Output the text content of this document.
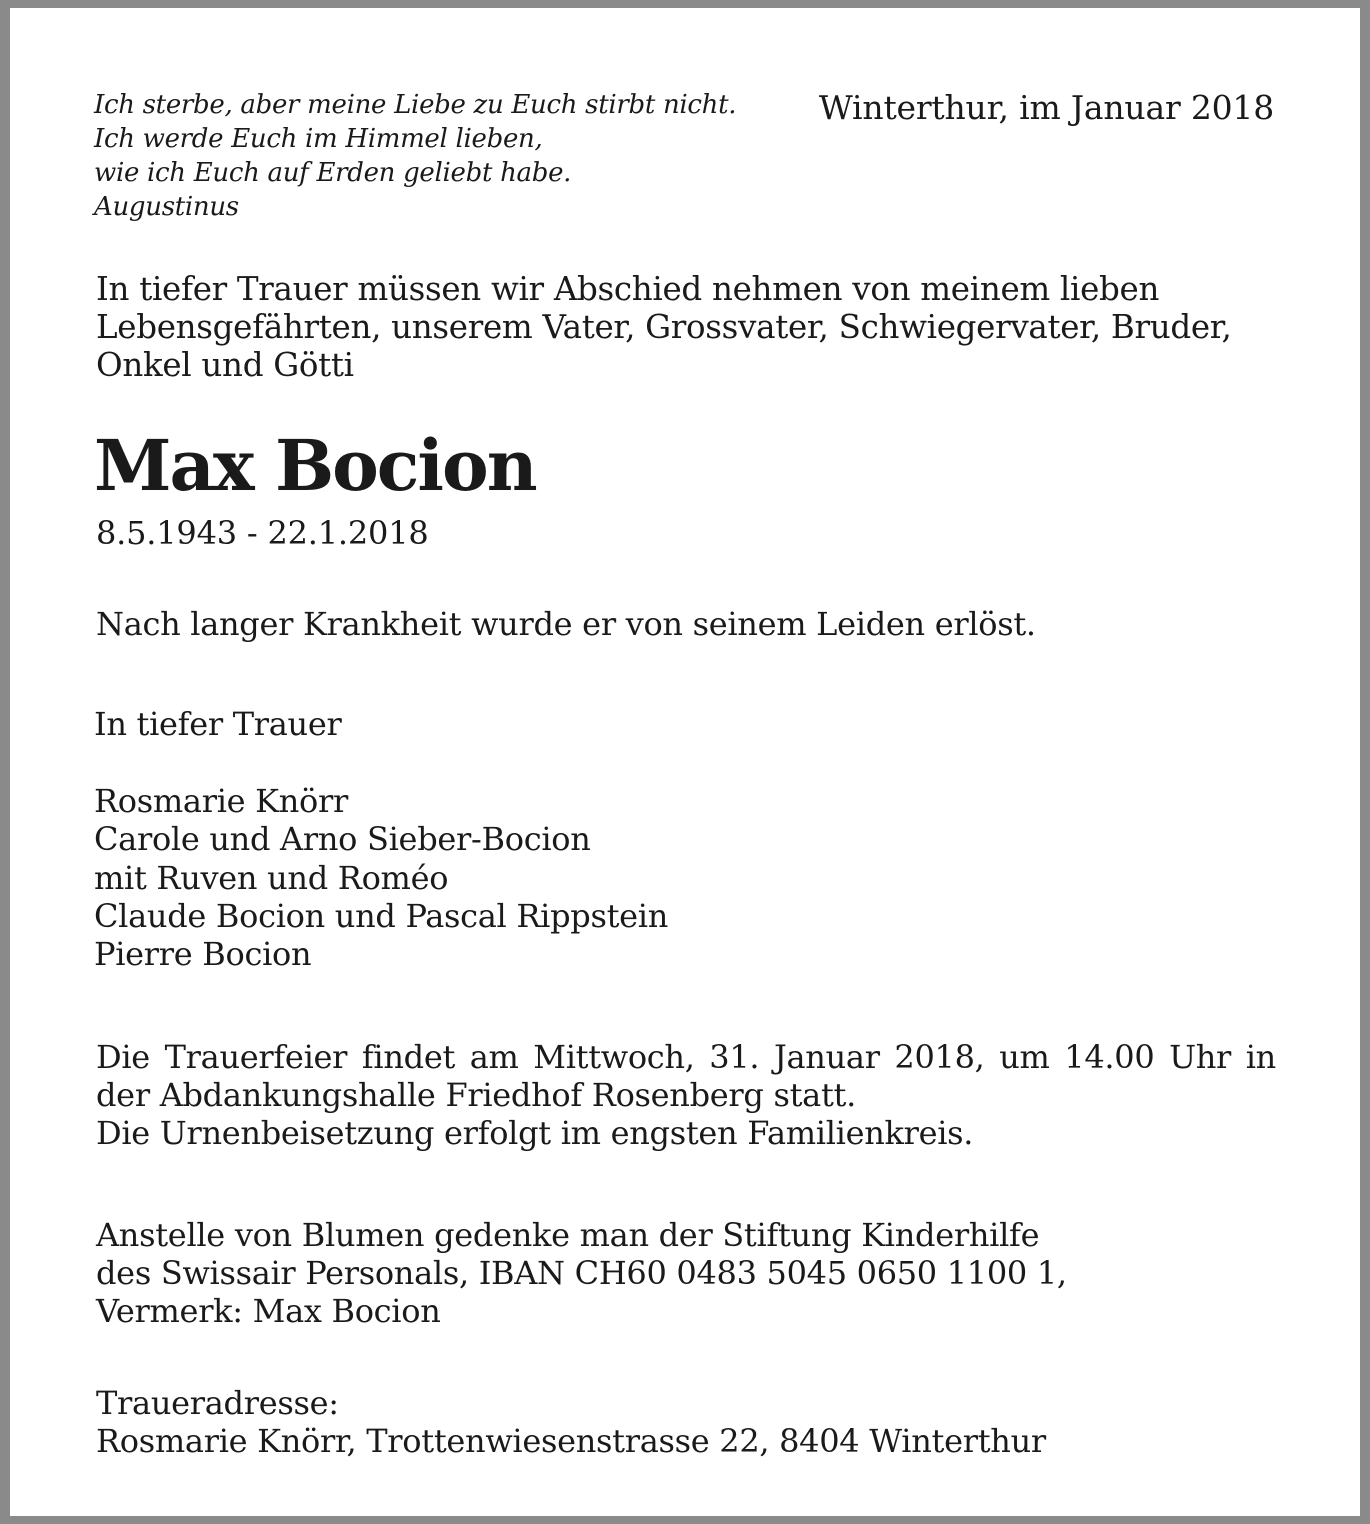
Ich sterbe, aber meine Liebe zu Euch stirbt nicht.
Ich werde Euch im Himmel lieben,
wie ich Euch auf Erden geliebt habe.
Augustinus
Winterthur, im Januar 2018
In tiefer Trauer müssen wir Abschied nehmen von meinem lieben
Lebensgefährten, unserem Vater, Grossvater, Schwiegervater, Bruder,
Onkel und Götti
Max Bocion
8.5.1943 - 22.1.2018
Nach langer Krankheit wurde er von seinem Leiden erlöst.
In tiefer Trauer
Rosmarie Knörr
Carole und Arno Sieber-Bocion
mit Ruven und Roméo
Claude Bocion und Pascal Rippstein
Pierre Bocion
Die Trauerfeier findet am Mittwoch, 31. Januar 2018, um 14.00 Uhr in
der Abdankungshalle Friedhof Rosenberg statt.
Die Urnenbeisetzung erfolgt im engsten Familienkreis.
Anstelle von Blumen gedenke man der Stiftung Kinderhilfe
des Swissair Personals, IBAN CH60 0483 5045 0650 1100 1,
Vermerk: Max Bocion
Traueradresse:
Rosmarie Knörr, Trottenwiesenstrasse 22, 8404 Winterthur
